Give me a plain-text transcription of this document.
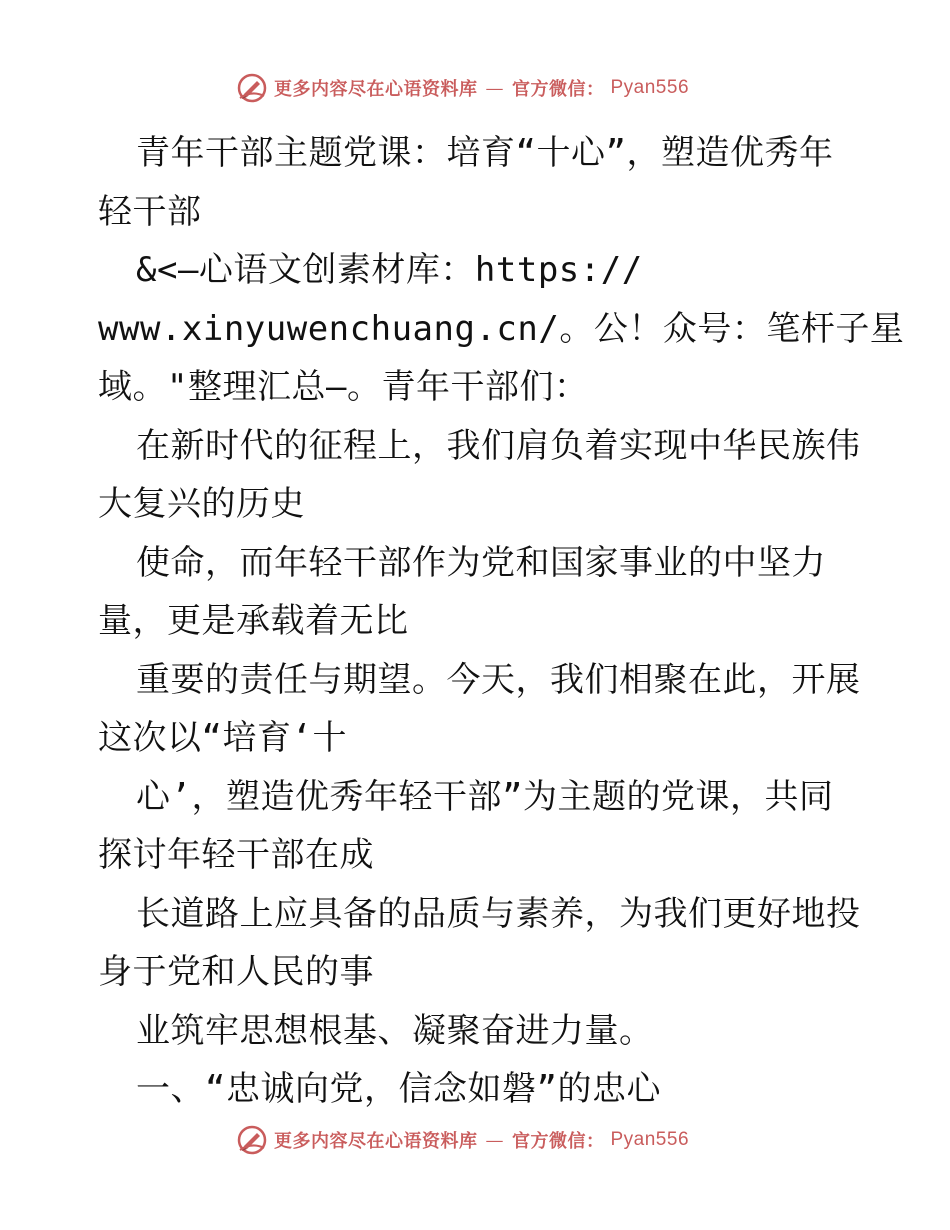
更多内容尽在心语资料库 — 官方微信： Pyan556
青年干部主题党课：培育“十心”，塑造优秀年
轻干部
&<—心语文创素材库：https://
www.xinyuwenchuang.cn/。公！众号：笔杆子星
域。"整理汇总—。青年干部们：
在新时代的征程上，我们肩负着实现中华民族伟
大复兴的历史
使命，而年轻干部作为党和国家事业的中坚力
量，更是承载着无比
重要的责任与期望。今天，我们相聚在此，开展
这次以“培育‘十
心’，塑造优秀年轻干部”为主题的党课，共同
探讨年轻干部在成
长道路上应具备的品质与素养，为我们更好地投
身于党和人民的事
业筑牢思想根基、凝聚奋进力量。
一、“忠诚向党，信念如磐”的忠心
更多内容尽在心语资料库 — 官方微信： Pyan556
